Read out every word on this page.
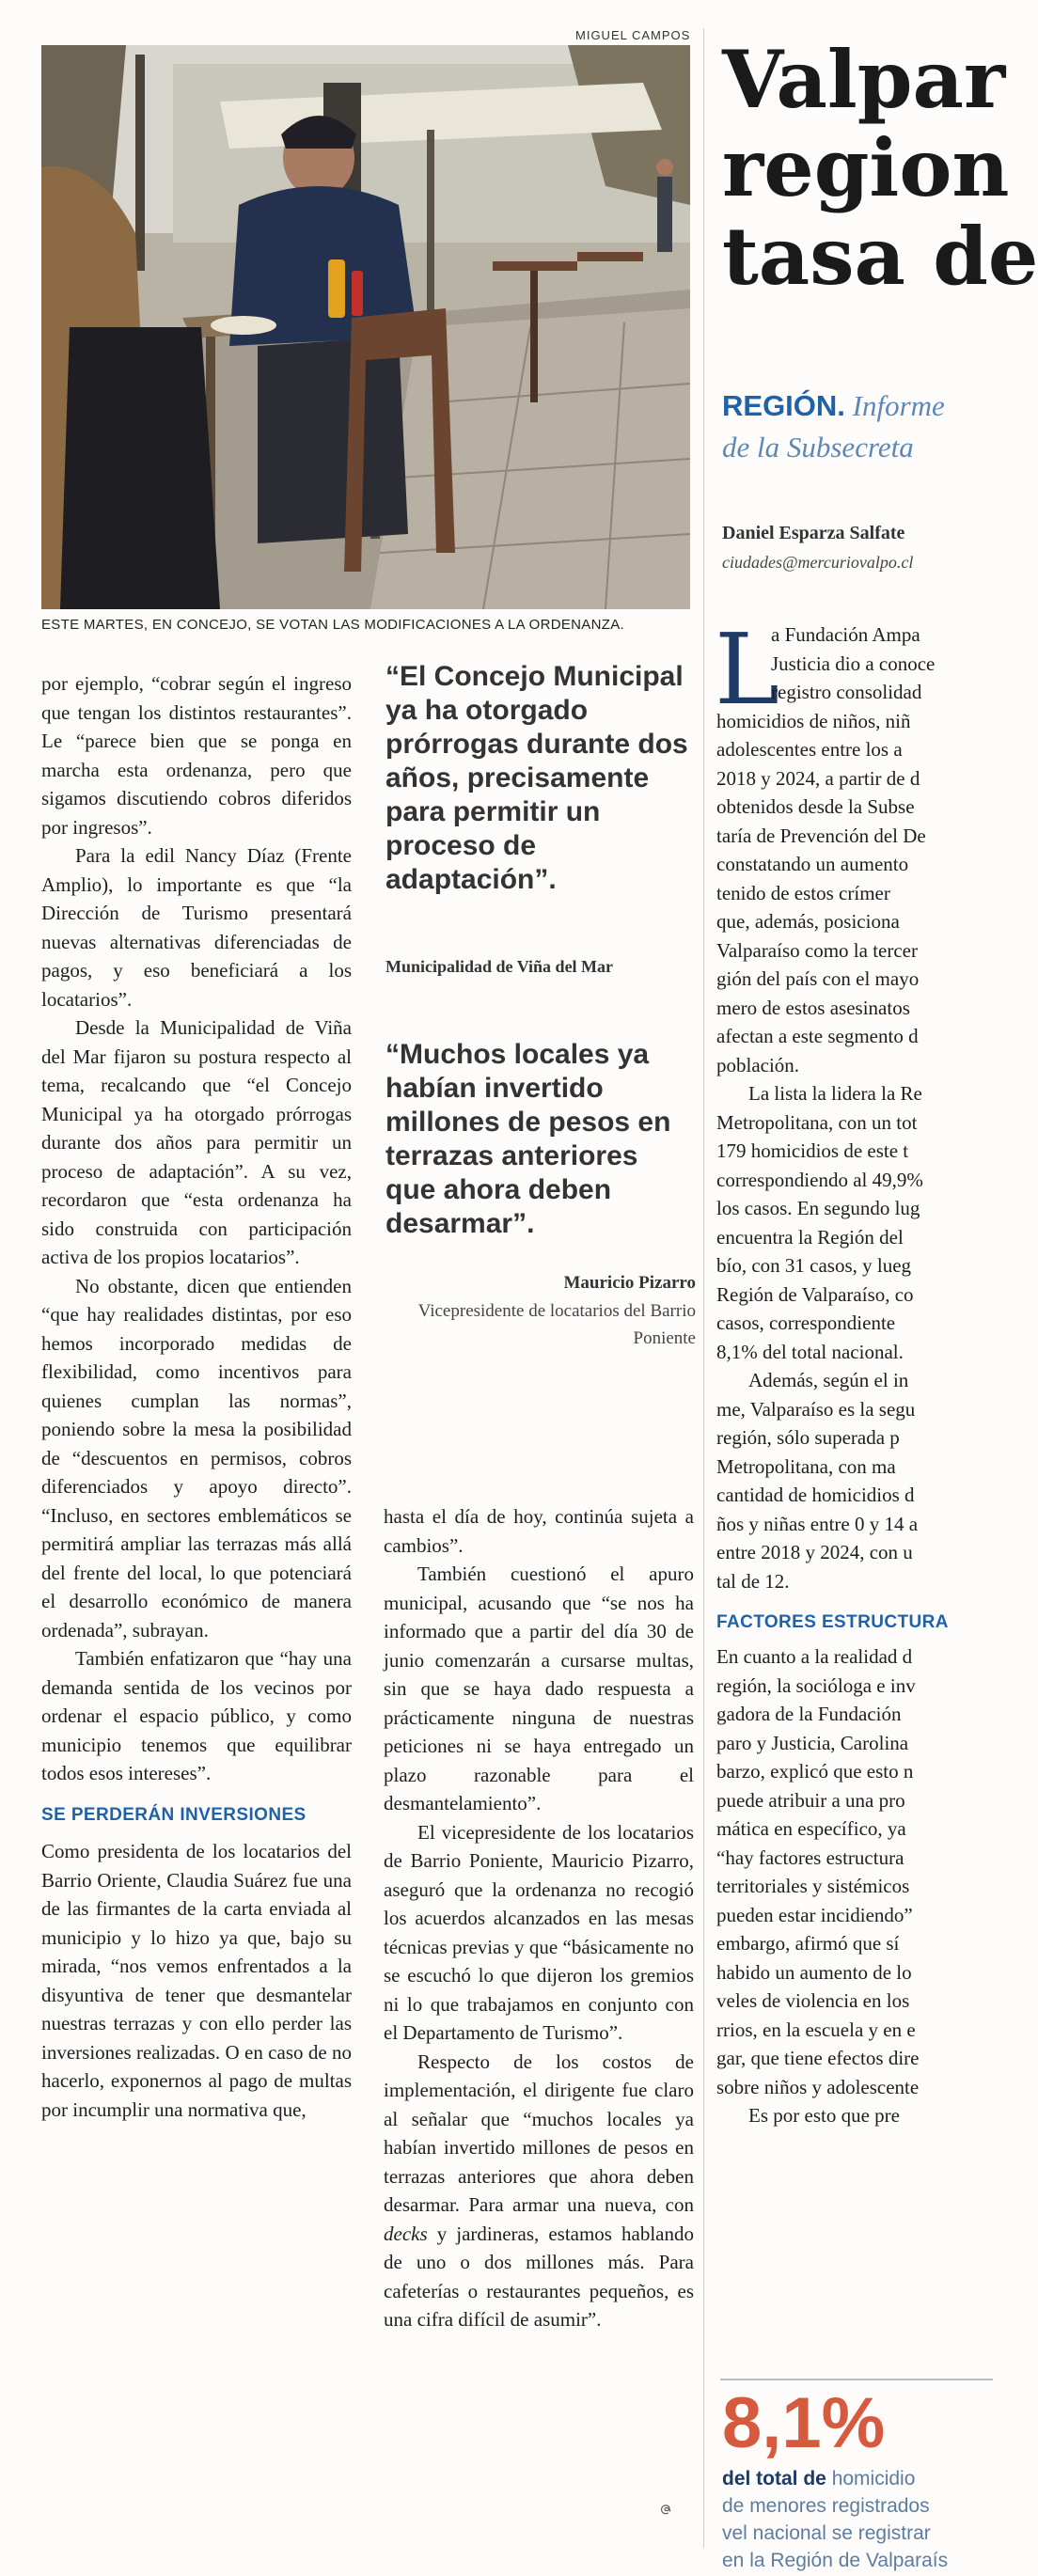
MIGUEL CAMPOS
ESTE MARTES, EN CONCEJO, SE VOTAN LAS MODIFICACIONES A LA ORDENANZA.

por ejemplo, “cobrar según el ingreso que tengan los distintos restaurantes”. Le “parece bien que se ponga en marcha esta ordenanza, pero que sigamos discutiendo cobros diferidos por ingresos”.

Para la edil Nancy Díaz (Frente Amplio), lo importante es que “la Dirección de Turismo presentará nuevas alternativas diferenciadas de pagos, y eso beneficiará a los locatarios”.

Desde la Municipalidad de Viña del Mar fijaron su postura respecto al tema, recalcando que “el Concejo Municipal ya ha otorgado prórrogas durante dos años para permitir un proceso de adaptación”. A su vez, recordaron que “esta ordenanza ha sido construida con participación activa de los propios locatarios”.

No obstante, dicen que entienden “que hay realidades distintas, por eso hemos incorporado medidas de flexibilidad, como incentivos para quienes cumplan las normas”, poniendo sobre la mesa la posibilidad de “descuentos en permisos, cobros diferenciados y apoyo directo”. “Incluso, en sectores emblemáticos se permitirá ampliar las terrazas más allá del frente del local, lo que potenciará el desarrollo económico de manera ordenada”, subrayan.

También enfatizaron que “hay una demanda sentida de los vecinos por ordenar el espacio público, y como municipio tenemos que equilibrar todos esos intereses”.

SE PERDERÁN INVERSIONES

Como presidenta de los locatarios del Barrio Oriente, Claudia Suárez fue una de las firmantes de la carta enviada al municipio y lo hizo ya que, bajo su mirada, “nos vemos enfrentados a la disyuntiva de tener que desmantelar nuestras terrazas y con ello perder las inversiones realizadas. O en caso de no hacerlo, exponernos al pago de multas por incumplir una normativa que,

“El Concejo Municipal ya ha otorgado prórrogas durante dos años, precisamente para permitir un proceso de adaptación”.
Municipalidad de Viña del Mar
“Muchos locales ya habían invertido millones de pesos en terrazas anteriores que ahora deben desarmar”.
Mauricio Pizarro
Vicepresidente de locatarios del Barrio Poniente

hasta el día de hoy, continúa sujeta a cambios”.

También cuestionó el apuro municipal, acusando que “se nos ha informado que a partir del día 30 de junio comenzarán a cursarse multas, sin que se haya dado respuesta a prácticamente ninguna de nuestras peticiones ni se haya entregado un plazo razonable para el desmantelamiento”.

El vicepresidente de los locatarios de Barrio Poniente, Mauricio Pizarro, aseguró que la ordenanza no recogió los acuerdos alcanzados en las mesas técnicas previas y que “básicamente no se escuchó lo que dijeron los gremios ni lo que trabajamos en conjunto con el Departamento de Turismo”.

Respecto de los costos de implementación, el dirigente fue claro al señalar que “muchos locales ya habían invertido millones de pesos en terrazas anteriores que ahora deben desarmar. Para armar una nueva, con decks y jardineras, estamos hablando de uno o dos millones más. Para cafeterías o restaurantes pequeños, es una cifra difícil de asumir”.

ဇ
Valpar
region
tasa de
REGIÓN. Informe
de la Subsecreta
Daniel Esparza Salfate
ciudades@mercuriovalpo.cl
L
a Fundación Ampa
Justicia dio a conoce
registro consolidad
homicidios de niños, niñ
adolescentes entre los a
2018 y 2024, a partir de d
obtenidos desde la Subse
taría de Prevención del De
constatando un aumento
tenido de estos crímer
que, además, posiciona
Valparaíso como la tercer
gión del país con el mayo
mero de estos asesinatos
afectan a este segmento d
población.
La lista la lidera la Re
Metropolitana, con un tot
179 homicidios de este t
correspondiendo al 49,9%
los casos. En segundo lug
encuentra la Región del
bío, con 31 casos, y lueg
Región de Valparaíso, co
casos, correspondiente
8,1% del total nacional.
Además, según el in
me, Valparaíso es la segu
región, sólo superada p
Metropolitana, con ma
cantidad de homicidios d
ños y niñas entre 0 y 14 a
entre 2018 y 2024, con u
tal de 12.
FACTORES ESTRUCTURA
En cuanto a la realidad d
región, la socióloga e inv
gadora de la Fundación
paro y Justicia, Carolina
barzo, explicó que esto n
puede atribuir a una pro
mática en específico, ya
“hay factores estructura
territoriales y sistémicos
pueden estar incidiendo”
embargo, afirmó que sí
habido un aumento de lo
veles de violencia en los
rrios, en la escuela y en e
gar, que tiene efectos dire
sobre niños y adolescente
Es por esto que pre
8,1%
del total de homicidio
de menores registrados
vel nacional se registrar
en la Región de Valparaís
